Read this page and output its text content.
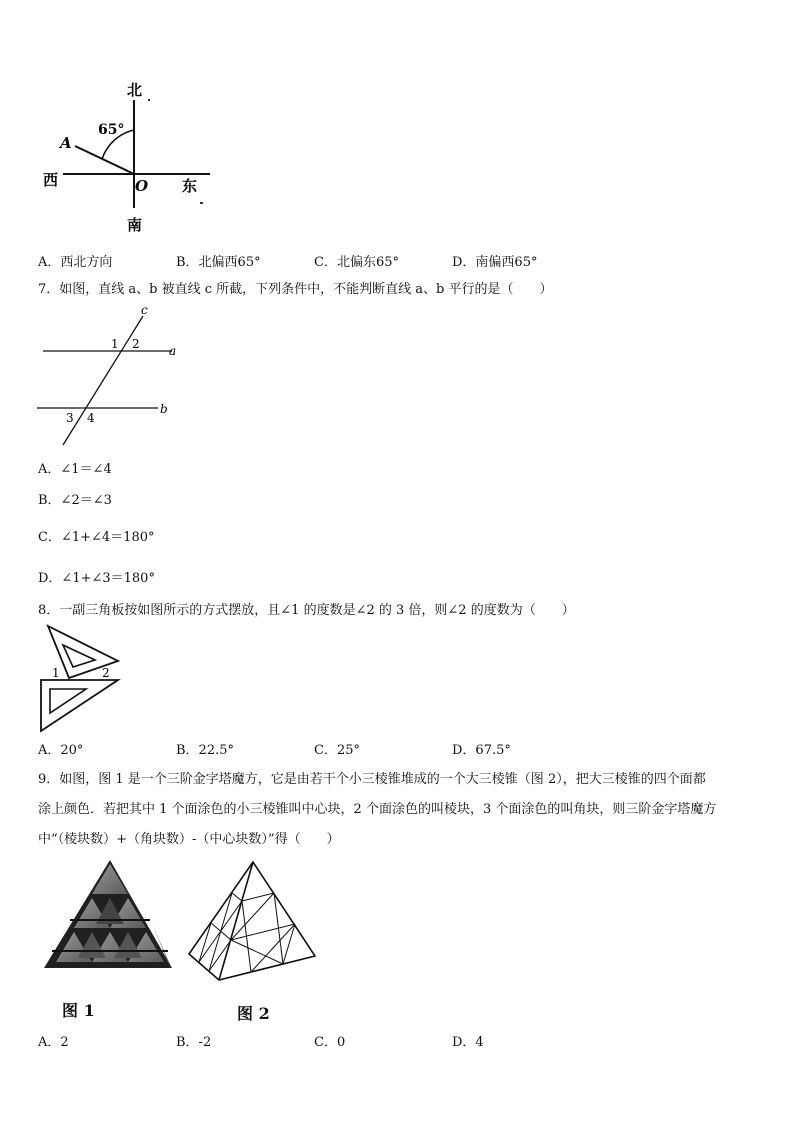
北
南
西	东
65°
A
O
A．西北方向	B．北偏西65°	C．北偏东65°	D．南偏西65°
7．如图，直线 a、b 被直线 c 所截，下列条件中，不能判断直线 a、b 平行的是（　　）
c
a
b
1 2
3 4
A．∠1＝∠4
B．∠2＝∠3
C．∠1+∠4＝180°
D．∠1+∠3＝180°
8．一副三角板按如图所示的方式摆放，且∠1 的度数是∠2 的 3 倍，则∠2 的度数为（　　）
1	2
A．20°	B．22.5°	C．25°	D．67.5°
9．如图，图 1 是一个三阶金字塔魔方，它是由若干个小三棱锥堆成的一个大三棱锥（图 2），把大三棱锥的四个面都
涂上颜色．若把其中 1 个面涂色的小三棱锥叫中心块，2 个面涂色的叫棱块，3 个面涂色的叫角块，则三阶金字塔魔方
中“（棱块数）+（角块数）-（中心块数）”得（　　）
图 1	图 2
A．2	B．-2	C．0	D．4
